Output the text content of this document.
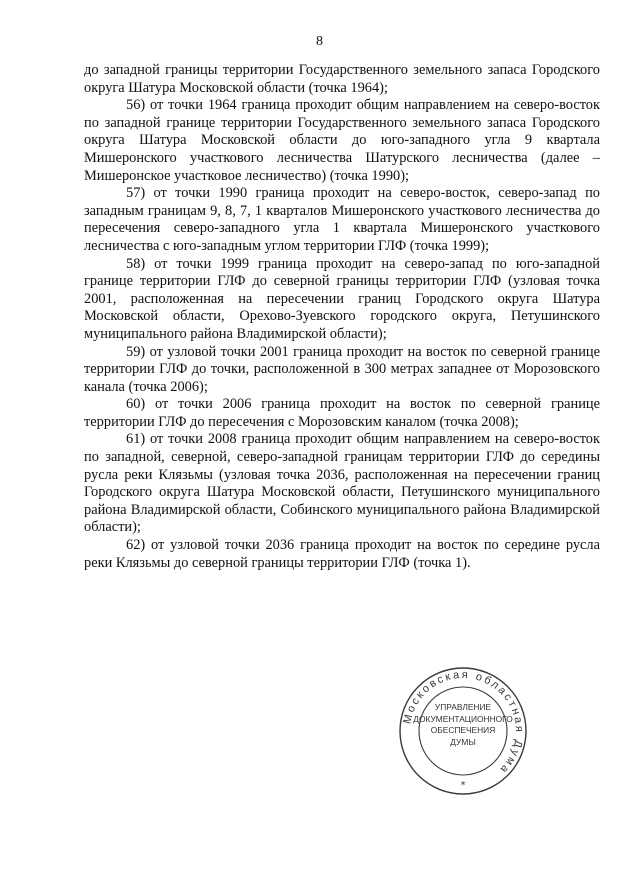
8

до западной границы территории Государственного земельного запаса Городского округа Шатура Московской области (точка 1964);

56) от точки 1964 граница проходит общим направлением на северо-восток по западной границе территории Государственного земельного запаса Городского округа Шатура Московской области до юго-западного угла 9 квартала Мишеронского участкового лесничества Шатурского лесничества (далее – Мишеронское участковое лесничество) (точка 1990);

57) от точки 1990 граница проходит на северо-восток, северо-запад по западным границам 9, 8, 7, 1 кварталов Мишеронского участкового лесничества до пересечения северо-западного угла 1 квартала Мишеронского участкового лесничества с юго-западным углом территории ГЛФ (точка 1999);

58) от точки 1999 граница проходит на северо-запад по юго-западной границе территории ГЛФ до северной границы территории ГЛФ (узловая точка 2001, расположенная на пересечении границ Городского округа Шатура Московской области, Орехово-Зуевского городского округа, Петушинского муниципального района Владимирской области);

59) от узловой точки 2001 граница проходит на восток по северной границе территории ГЛФ до точки, расположенной в 300 метрах западнее от Морозовского канала (точка 2006);

60) от точки 2006 граница проходит на восток по северной границе территории ГЛФ до пересечения с Морозовским каналом (точка 2008);

61) от точки 2008 граница проходит общим направлением на северо-восток по западной, северной, северо-западной границам территории ГЛФ до середины русла реки Клязьмы (узловая точка 2036, расположенная на пересечении границ Городского округа Шатура Московской области, Петушинского муниципального района Владимирской области, Собинского муниципального района Владимирской области);

62) от узловой точки 2036 граница проходит на восток по середине русла реки Клязьмы до северной границы территории ГЛФ (точка 1).

Московская областная Дума
*
УПРАВЛЕНИЕ
ДОКУМЕНТАЦИОННОГО
ОБЕСПЕЧЕНИЯ
ДУМЫ
